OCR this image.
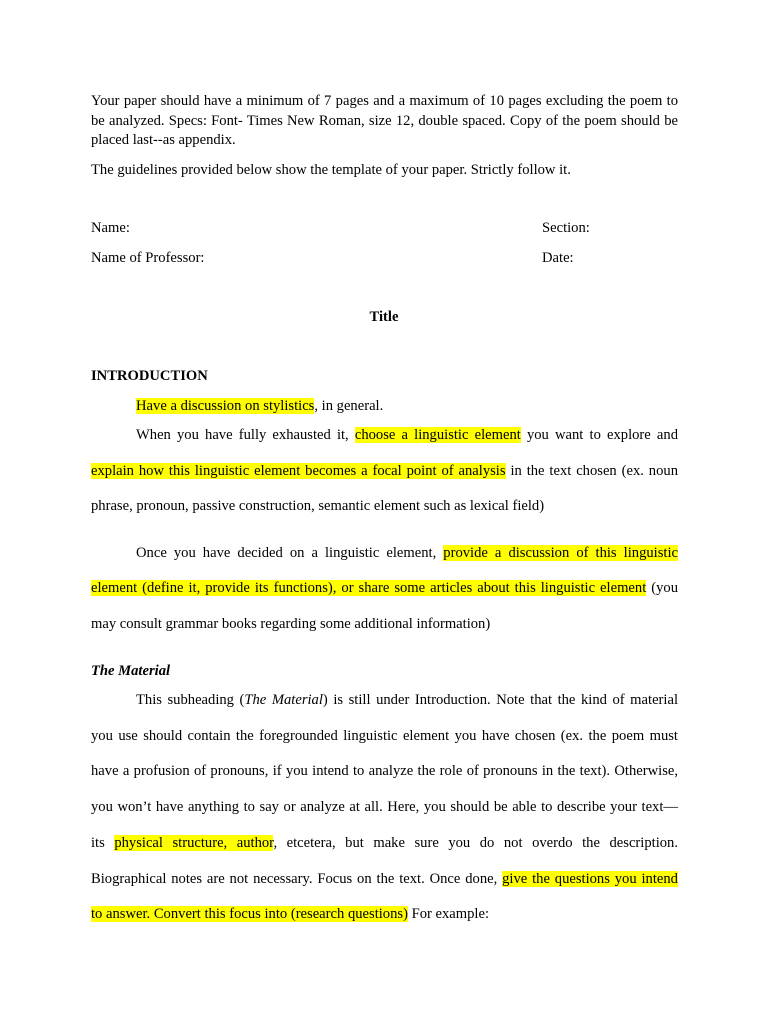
Your paper should have a minimum of 7 pages and a maximum of 10 pages excluding the poem to be analyzed. Specs: Font- Times New Roman, size 12, double spaced. Copy of the poem should be placed last--as appendix.

The guidelines provided below show the template of your paper. Strictly follow it.

Name:	Section:
Name of Professor:	Date:
Title
INTRODUCTION
Have a discussion on stylistics, in general.
When you have fully exhausted it, choose a linguistic element you want to explore and
explain how this linguistic element becomes a focal point of analysis in the text chosen (ex. noun
phrase, pronoun, passive construction, semantic element such as lexical field)
Once you have decided on a linguistic element, provide a discussion of this linguistic
element (define it, provide its functions), or share some articles about this linguistic element (you
may consult grammar books regarding some additional information)
The Material
This subheading (The Material) is still under Introduction. Note that the kind of material
you use should contain the foregrounded linguistic element you have chosen (ex. the poem must
have a profusion of pronouns, if you intend to analyze the role of pronouns in the text). Otherwise,
you won’t have anything to say or analyze at all. Here, you should be able to describe your text—
its physical structure, author, etcetera, but make sure you do not overdo the description.
Biographical notes are not necessary. Focus on the text. Once done, give the questions you intend
to answer. Convert this focus into (research questions) For example:
